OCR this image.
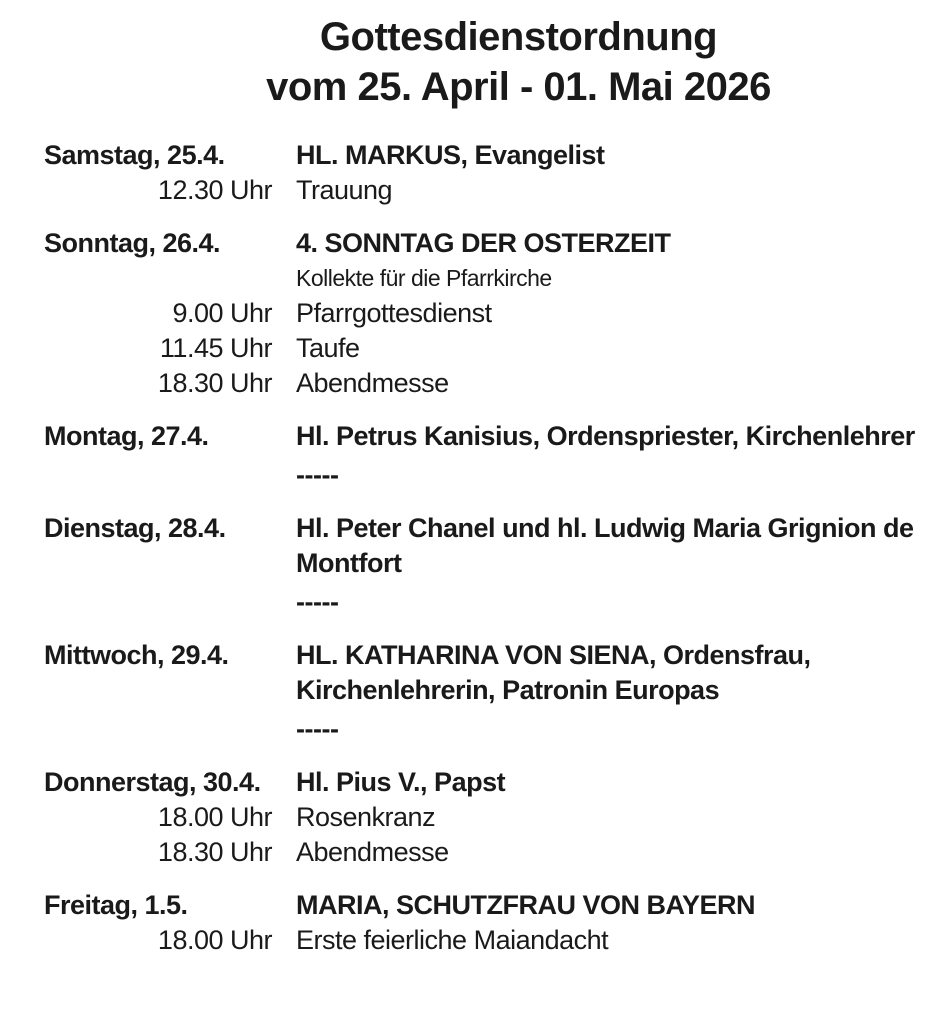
Gottesdienstordnung
vom 25. April - 01. Mai 2026
Samstag, 25.4.	HL. MARKUS, Evangelist
12.30 Uhr Trauung
Sonntag, 26.4.	4. SONNTAG DER OSTERZEIT
Kollekte für die Pfarrkirche
9.00 Uhr Pfarrgottesdienst
11.45 Uhr Taufe
18.30 Uhr Abendmesse
Montag, 27.4.	Hl. Petrus Kanisius, Ordenspriester, Kirchenlehrer
-----
Dienstag, 28.4.	Hl. Peter Chanel und hl. Ludwig Maria Grignion de Montfort
-----
Mittwoch, 29.4.	HL. KATHARINA VON SIENA, Ordensfrau, Kirchenlehrerin, Patronin Europas
-----
Donnerstag, 30.4.	Hl. Pius V., Papst
18.00 Uhr Rosenkranz
18.30 Uhr Abendmesse
Freitag, 1.5.	MARIA, SCHUTZFRAU VON BAYERN
18.00 Uhr Erste feierliche Maiandacht
